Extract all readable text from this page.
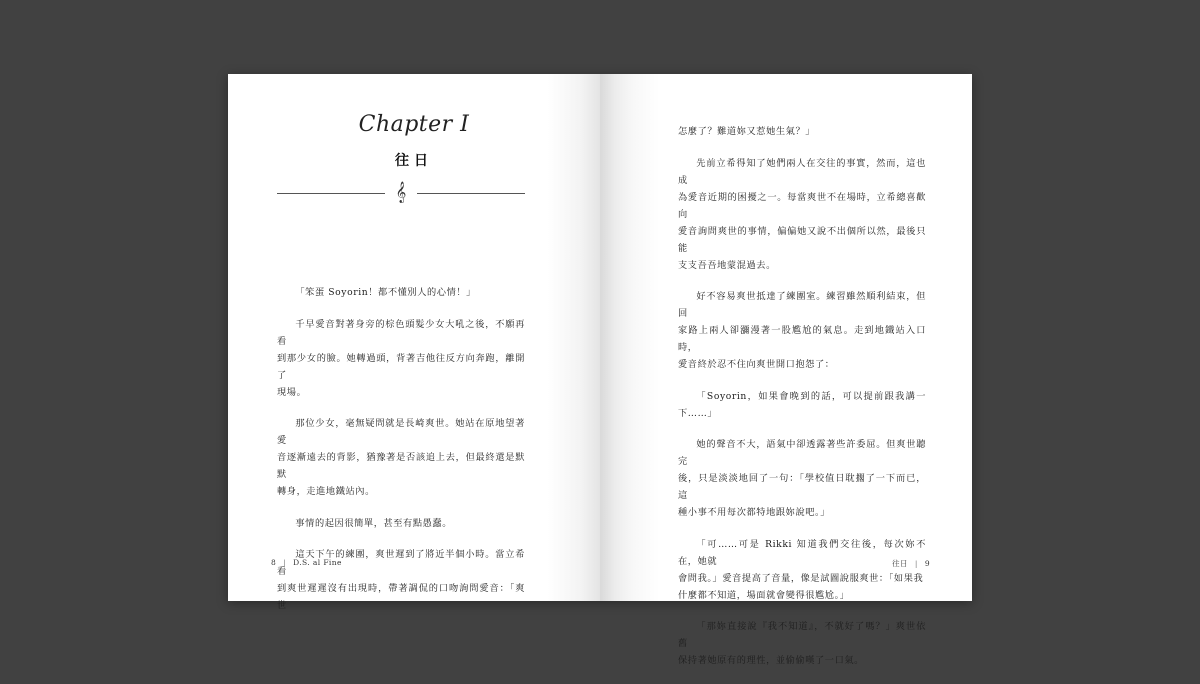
Chapter I
往日
𝄞

「笨蛋 Soyorin！都不懂別人的心情！」

千早愛音對著身旁的棕色頭髮少女大吼之後，不願再看
到那少女的臉。她轉過頭，背著吉他往反方向奔跑，離開了
現場。

那位少女，毫無疑問就是長崎爽世。她站在原地望著愛
音逐漸遠去的背影，猶豫著是否該追上去，但最終還是默默
轉身，走進地鐵站內。

事情的起因很簡單，甚至有點愚蠢。

這天下午的練團，爽世遲到了將近半個小時。當立希看
到爽世遲遲沒有出現時，帶著調侃的口吻詢問愛音：「爽世

8 | D.S. al Fine

怎麼了？難道妳又惹她生氣？」

先前立希得知了她們兩人在交往的事實，然而，這也成
為愛音近期的困擾之一。每當爽世不在場時，立希總喜歡向
愛音詢問爽世的事情，偏偏她又說不出個所以然，最後只能
支支吾吾地蒙混過去。

好不容易爽世抵達了練團室。練習雖然順利結束，但回
家路上兩人卻瀰漫著一股尷尬的氣息。走到地鐵站入口時，
愛音終於忍不住向爽世開口抱怨了：

「Soyorin，如果會晚到的話，可以提前跟我講一下……」

她的聲音不大，語氣中卻透露著些許委屈。但爽世聽完
後，只是淡淡地回了一句：「學校值日耽擱了一下而已，這
種小事不用每次都特地跟妳說吧。」

「可……可是 Rikki 知道我們交往後，每次妳不在，她就
會問我。」愛音提高了音量，像是試圖說服爽世：「如果我
什麼都不知道，場面就會變得很尷尬。」

「那妳直接說『我不知道』，不就好了嗎？」爽世依舊
保持著她原有的理性，並偷偷嘆了一口氣。

往日 | 9
